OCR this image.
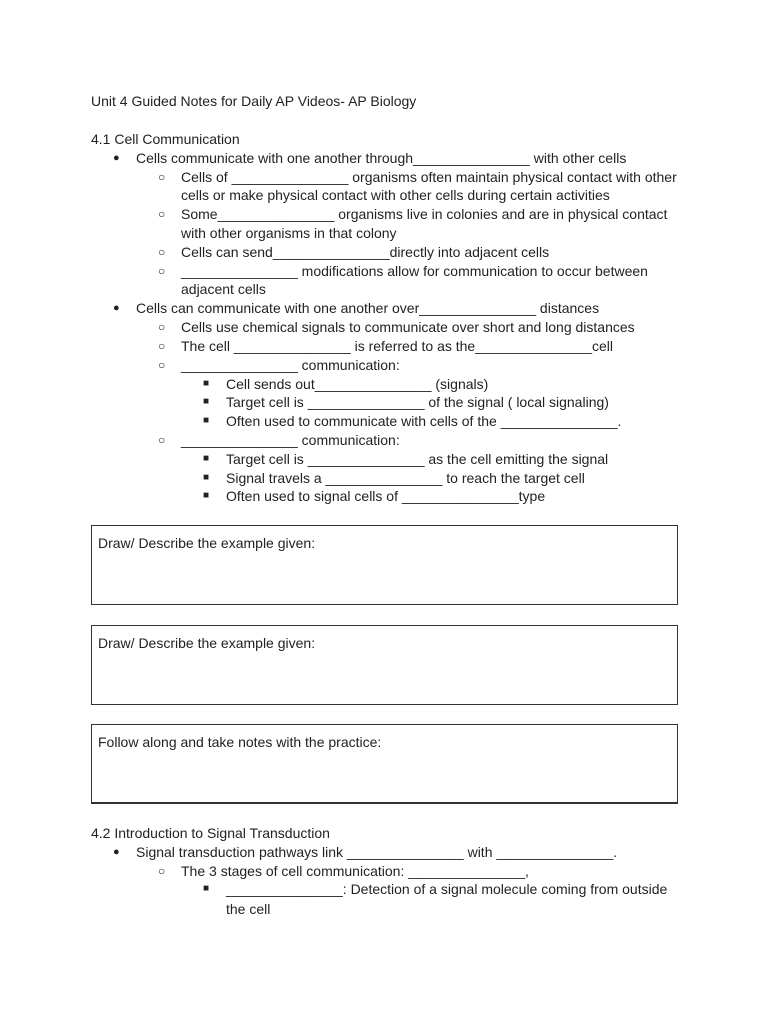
Unit 4 Guided Notes for Daily AP Videos- AP Biology
4.1 Cell Communication
● Cells communicate with one another through_______________ with other cells
○ Cells of _______________ organisms often maintain physical contact with other
cells or make physical contact with other cells during certain activities
○ Some_______________ organisms live in colonies and are in physical contact
with other organisms in that colony
○ Cells can send_______________directly into adjacent cells
○ _______________ modifications allow for communication to occur between
adjacent cells
● Cells can communicate with one another over_______________ distances
○ Cells use chemical signals to communicate over short and long distances
○ The cell _______________ is referred to as the_______________cell
○ _______________ communication:
■ Cell sends out_______________ (signals)
■ Target cell is _______________ of the signal ( local signaling)
■ Often used to communicate with cells of the _______________.
○ _______________ communication:
■ Target cell is _______________ as the cell emitting the signal
■ Signal travels a _______________ to reach the target cell
■ Often used to signal cells of _______________type
Draw/ Describe the example given:
Draw/ Describe the example given:
Follow along and take notes with the practice:
4.2 Introduction to Signal Transduction
● Signal transduction pathways link _______________ with _______________.
○ The 3 stages of cell communication: _______________,
■ _______________: Detection of a signal molecule coming from outside
the cell
